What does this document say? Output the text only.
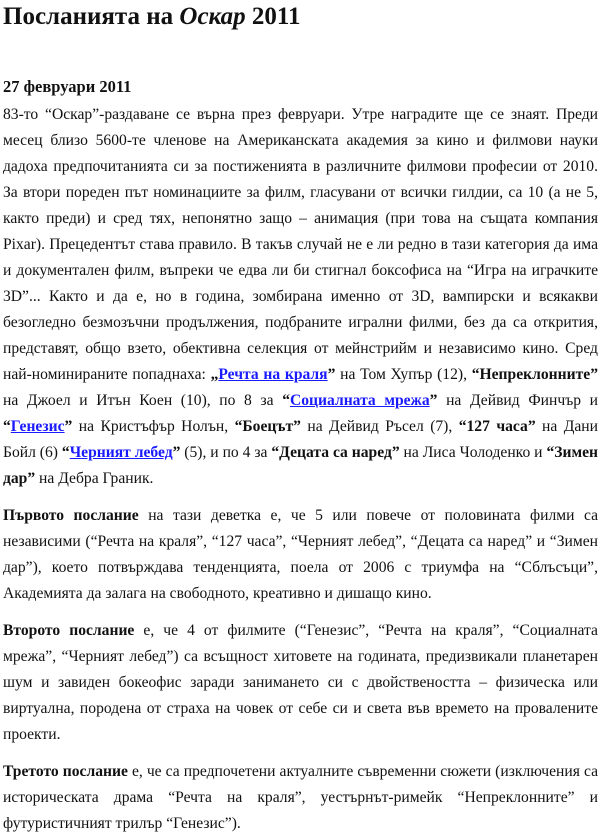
Посланията на Оскар 2011
27 февруари 2011

83-то “Оскар”-раздаване се върна през февруари. Утре наградите ще се знаят. Преди месец близо 5600-те членове на Американската академия за кино и филмови науки дадоха предпочитанията си за постиженията в различните филмови професии от 2010. За втори пореден път номинациите за филм, гласувани от всички гилдии, са 10 (а не 5, както преди) и сред тях, непонятно защо – анимация (при това на същата компания Pixar). Прецедентът става правило. В такъв случай не е ли редно в тази категория да има и документален филм, въпреки че едва ли би стигнал боксофиса на “Игра на играчките 3D”... Както и да е, но в година, зомбирана именно от 3D, вампирски и всякакви безогледно безмозъчни продължения, подбраните игрални филми, без да са открития, представят, общо взето, обективна селекция от мейнстрийм и независимо кино. Сред най-номинираните попаднаха: „Речта на краля” на Том Хупър (12), “Непреклонните” на Джоел и Итън Коен (10), по 8 за “Социалната мрежа” на Дейвид Финчър и “Генезис” на Кристъфър Нолън, “Боецът” на Дейвид Ръсел (7), “127 часа” на Дани Бойл (6) “Черният лебед” (5), и по 4 за “Децата са наред” на Лиса Чолоденко и “Зимен дар” на Дебра Граник.

Първото послание на тази деветка е, че 5 или повече от половината филми са независими (“Речта на краля”, “127 часа”, “Черният лебед”, “Децата са наред” и “Зимен дар”), което потвърждава тенденцията, поела от 2006 с триумфа на “Сблъсъци”, Академията да залага на свободното, креативно и дишащо кино.

Второто послание е, че 4 от филмите (“Генезис”, “Речта на краля”, “Социалната мрежа”, “Черният лебед”) са всъщност хитовете на годината, предизвикали планетарен шум и завиден бокеофис заради занимането си с двойствеността – физическа или виртуална, породена от страха на човек от себе си и света във времето на провалените проекти.

Третото послание е, че са предпочетени актуалните съвременни сюжети (изключения са историческата драма “Речта на краля”, уестърнът-римейк “Непреклонните” и футуристичният трилър “Генезис”).
